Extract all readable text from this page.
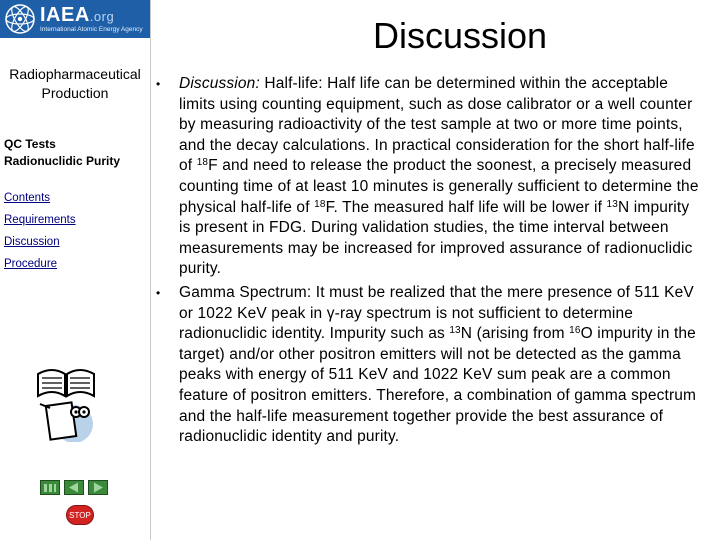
IAEA.org
International Atomic Energy Agency
Radiopharmaceutical
Production
QC Tests
Radionuclidic Purity
Contents
Requirements
Discussion
Procedure
STOP
Discussion
• Discussion: Half-life: Half life can be determined within the acceptable limits using counting equipment, such as dose calibrator or a well counter by measuring radioactivity of the test sample at two or more time points, and the decay calculations. In practical consideration for the short half-life of $^{18}$F and need to release the product the soonest, a precisely measured counting time of at least 10 minutes is generally sufficient to determine the physical half-life of $^{18}$F. The measured half life will be lower if $^{13}$N impurity is present in FDG. During validation studies, the time interval between measurements may be increased for improved assurance of radionuclidic purity.
• Gamma Spectrum: It must be realized that the mere presence of 511 KeV or 1022 KeV peak in γ-ray spectrum is not sufficient to determine radionuclidic identity. Impurity such as $^{13}$N (arising from $^{16}$O impurity in the target) and/or other positron emitters will not be detected as the gamma peaks with energy of 511 KeV and 1022 KeV sum peak are a common feature of positron emitters. Therefore, a combination of gamma spectrum and the half-life measurement together provide the best assurance of radionuclidic identity and purity.
